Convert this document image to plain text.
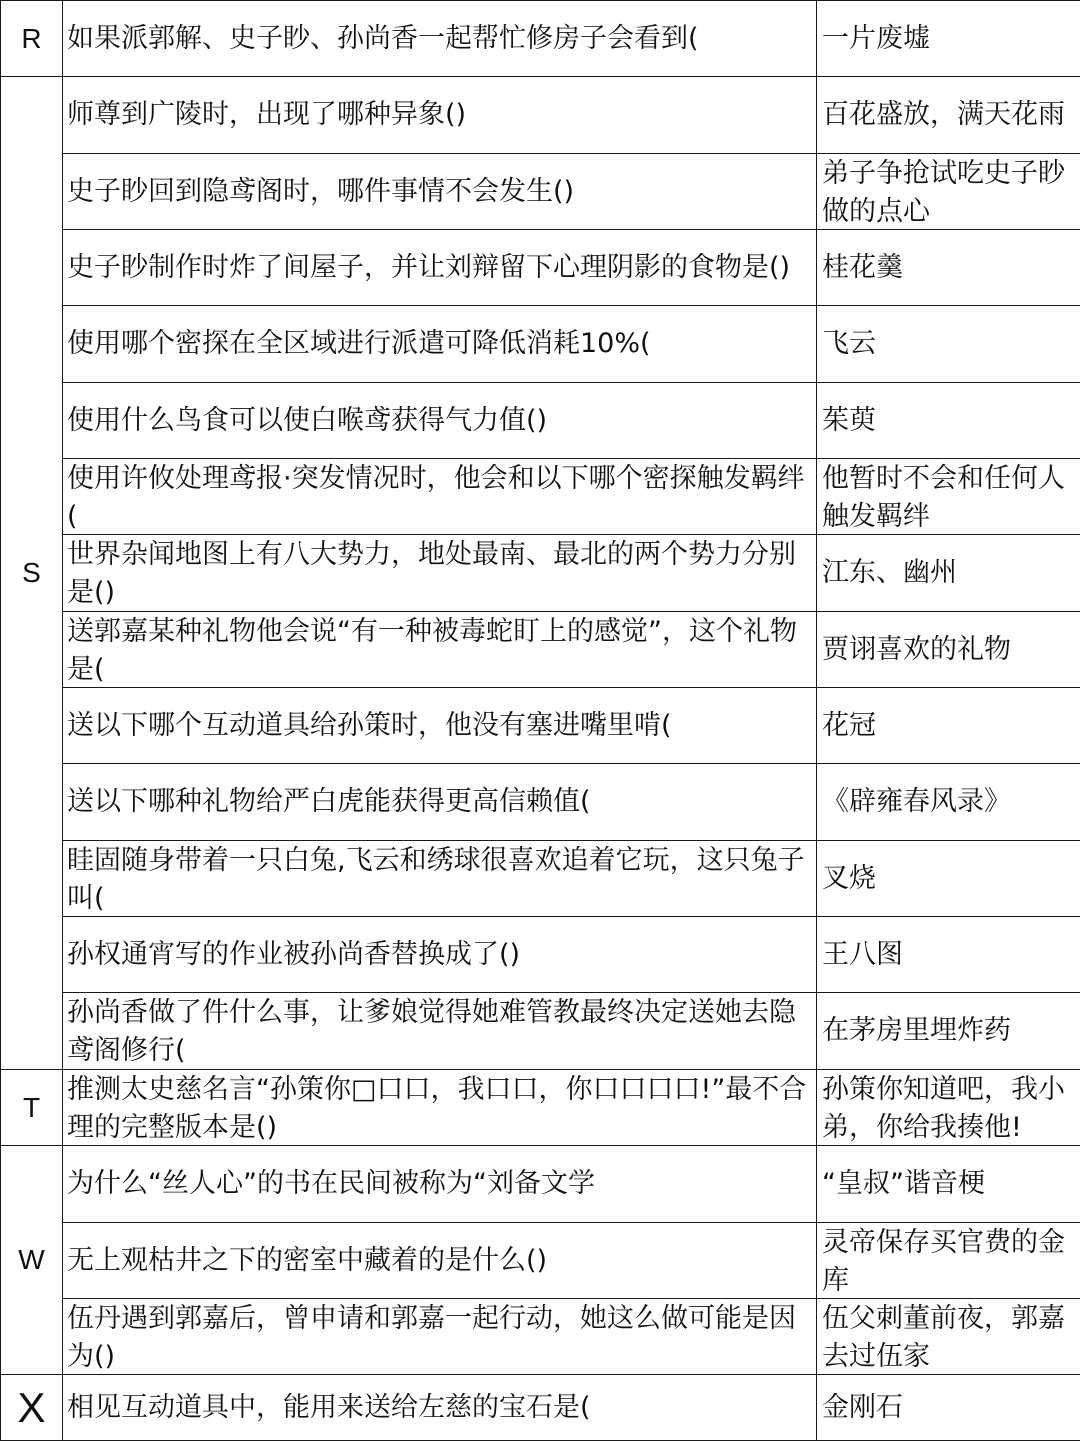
R	如果派郭解、史子眇、孙尚香一起帮忙修房子会看到(	一片废墟

S	师尊到广陵时，出现了哪种异象()	百花盛放，满天花雨

	史子眇回到隐鸢阁时，哪件事情不会发生()	弟子争抢试吃史子眇做的点心

	史子眇制作时炸了间屋子，并让刘辩留下心理阴影的食物是()	桂花羹

	使用哪个密探在全区域进行派遣可降低消耗10%(	飞云

	使用什么鸟食可以使白喉鸢获得气力值()	茱萸

	使用许攸处理鸢报·突发情况时，他会和以下哪个密探触发羁绊(	他暂时不会和任何人触发羁绊

	世界杂闻地图上有八大势力，地处最南、最北的两个势力分别是()	江东、幽州

	送郭嘉某种礼物他会说“有一种被毒蛇盯上的感觉”，这个礼物是(	贾诩喜欢的礼物

	送以下哪个互动道具给孙策时，他没有塞进嘴里啃(	花冠

	送以下哪种礼物给严白虎能获得更高信赖值(	《辟雍春风录》

	眭固随身带着一只白兔,飞云和绣球很喜欢追着它玩，这只兔子叫(	叉烧

	孙权通宵写的作业被孙尚香替换成了()	王八图

	孙尚香做了件什么事，让爹娘觉得她难管教最终决定送她去隐鸢阁修行(	在茅房里埋炸药

T	推测太史慈名言“孙策你□口口，我口口，你口口口口!”最不合理的完整版本是()	孙策你知道吧，我小弟，你给我揍他!

W	为什么“丝人心”的书在民间被称为“刘备文学	“皇叔”谐音梗

	无上观枯井之下的密室中藏着的是什么()	灵帝保存买官费的金库

	伍丹遇到郭嘉后，曾申请和郭嘉一起行动，她这么做可能是因为()	伍父刺董前夜，郭嘉去过伍家

X	相见互动道具中，能用来送给左慈的宝石是(	金刚石
